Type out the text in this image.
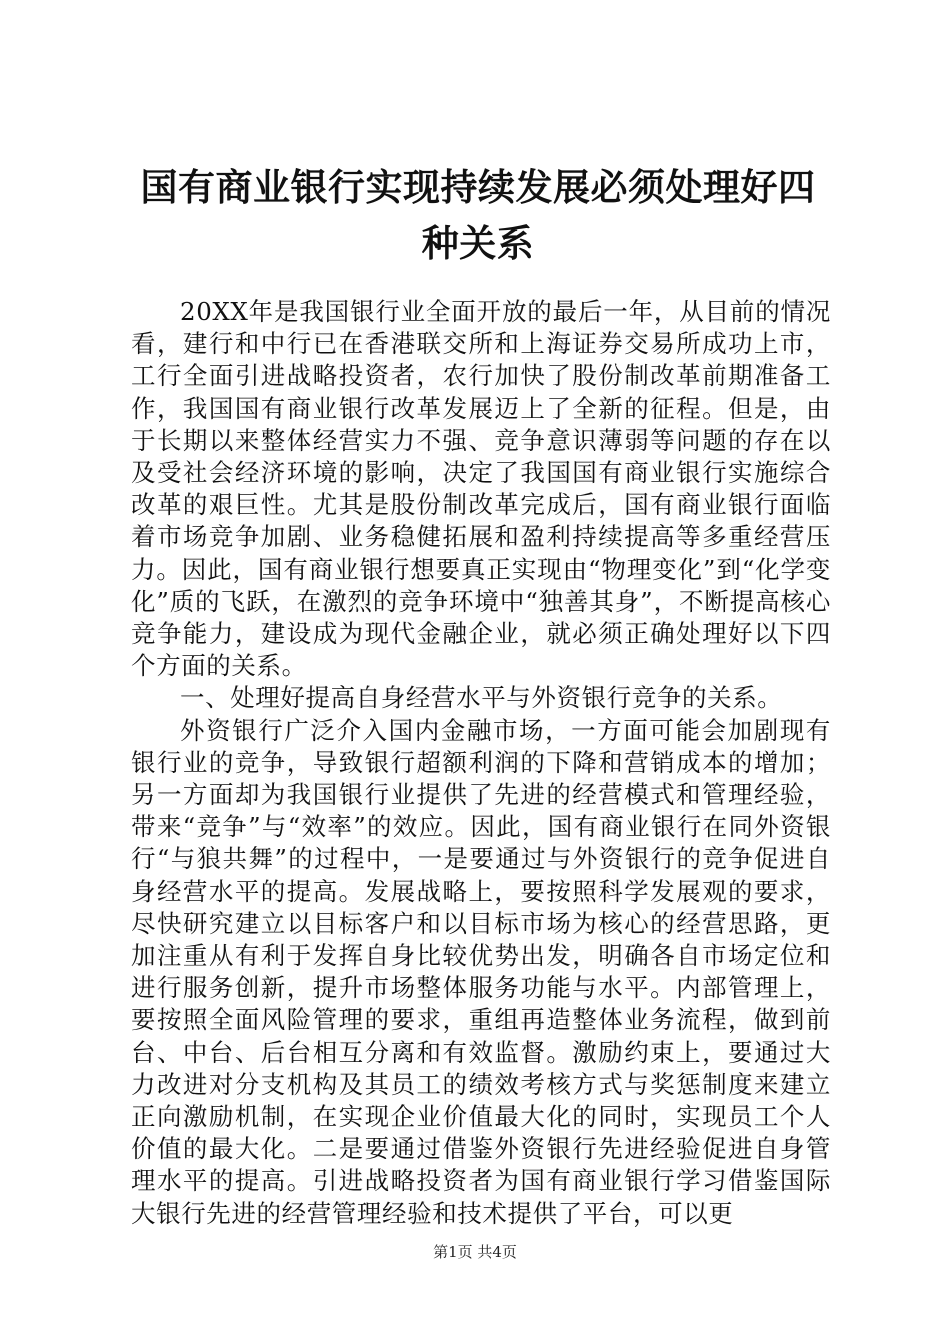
国有商业银行实现持续发展必须处理好四种关系

20XX年是我国银行业全面开放的最后一年，从目前的情况看，建行和中行已在香港联交所和上海证券交易所成功上市，工行全面引进战略投资者，农行加快了股份制改革前期准备工作，我国国有商业银行改革发展迈上了全新的征程。但是，由于长期以来整体经营实力不强、竞争意识薄弱等问题的存在以及受社会经济环境的影响，决定了我国国有商业银行实施综合改革的艰巨性。尤其是股份制改革完成后，国有商业银行面临着市场竞争加剧、业务稳健拓展和盈利持续提高等多重经营压力。因此，国有商业银行想要真正实现由“物理变化”到“化学变化”质的飞跃，在激烈的竞争环境中“独善其身”，不断提高核心竞争能力，建设成为现代金融企业，就必须正确处理好以下四个方面的关系。

一、处理好提高自身经营水平与外资银行竞争的关系。

外资银行广泛介入国内金融市场，一方面可能会加剧现有银行业的竞争，导致银行超额利润的下降和营销成本的增加；另一方面却为我国银行业提供了先进的经营模式和管理经验，带来“竞争”与“效率”的效应。因此，国有商业银行在同外资银行“与狼共舞”的过程中，一是要通过与外资银行的竞争促进自身经营水平的提高。发展战略上，要按照科学发展观的要求，尽快研究建立以目标客户和以目标市场为核心的经营思路，更加注重从有利于发挥自身比较优势出发，明确各自市场定位和进行服务创新，提升市场整体服务功能与水平。内部管理上，要按照全面风险管理的要求，重组再造整体业务流程，做到前台、中台、后台相互分离和有效监督。激励约束上，要通过大力改进对分支机构及其员工的绩效考核方式与奖惩制度来建立正向激励机制，在实现企业价值最大化的同时，实现员工个人价值的最大化。二是要通过借鉴外资银行先进经验促进自身管理水平的提高。引进战略投资者为国有商业银行学习借鉴国际大银行先进的经营管理经验和技术提供了平台，可以更

第1页 共4页
